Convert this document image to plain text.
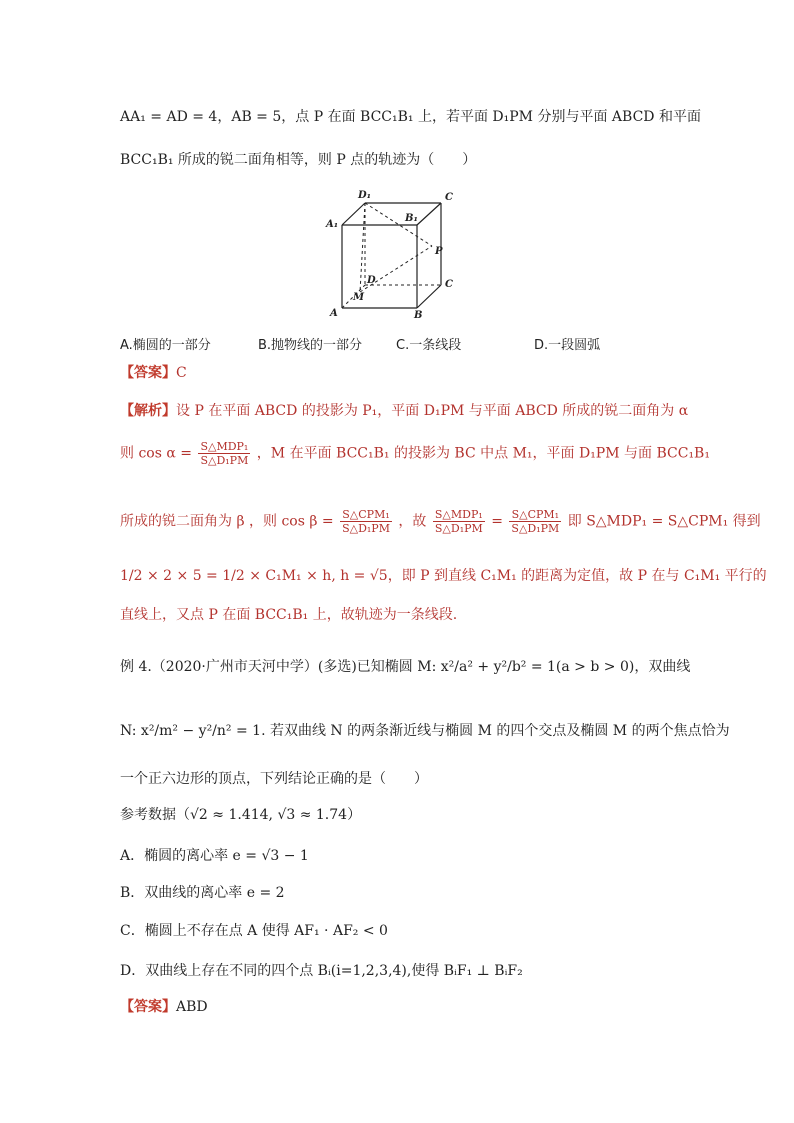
AA₁ = AD = 4，AB = 5，点 P 在面 BCC₁B₁ 上，若平面 D₁PM 分别与平面 ABCD 和平面
BCC₁B₁ 所成的锐二面角相等，则 P 点的轨迹为（　　）
D₁	C
A₁
B₁
P
D	C
M
A	B
A.椭圆的一部分	B.抛物线的一部分	C.一条线段	D.一段圆弧
【答案】C
【解析】设 P 在平面 ABCD 的投影为 P₁，平面 D₁PM 与平面 ABCD 所成的锐二面角为 α
则 $\cos \alpha = \frac{\text{S△MDP₁}}{\text{S△D₁PM}}$ ，M 在平面 BCC₁B₁ 的投影为 BC 中点 M₁，平面 D₁PM 与面 BCC₁B₁
所成的锐二面角为 β ，则 $\cos \beta = \frac{\text{S△CPM₁}}{\text{S△D₁PM}}$ ，故 $\frac{\text{S△MDP₁}}{\text{S△D₁PM}} = \frac{\text{S△CPM₁}}{\text{S△D₁PM}}$ 即 S△MDP₁ = S△CPM₁ 得到
1/2 × 2 × 5 = 1/2 × C₁M₁ × h, h = √5，即 P 到直线 C₁M₁ 的距离为定值，故 P 在与 C₁M₁ 平行的
直线上，又点 P 在面 BCC₁B₁ 上，故轨迹为一条线段.
例 4.（2020·广州市天河中学）(多选)已知椭圆 M: x²/a² + y²/b² = 1(a > b > 0)，双曲线
N: x²/m² − y²/n² = 1. 若双曲线 N 的两条渐近线与椭圆 M 的四个交点及椭圆 M 的两个焦点恰为
一个正六边形的顶点，下列结论正确的是（　　）
参考数据（√2 ≈ 1.414, √3 ≈ 1.74）
A．椭圆的离心率 e = √3 − 1
B．双曲线的离心率 e = 2
C．椭圆上不存在点 A 使得 AF₁ · AF₂ < 0
D．双曲线上存在不同的四个点 Bᵢ(i=1,2,3,4),使得 BᵢF₁ ⊥ BᵢF₂
【答案】ABD
